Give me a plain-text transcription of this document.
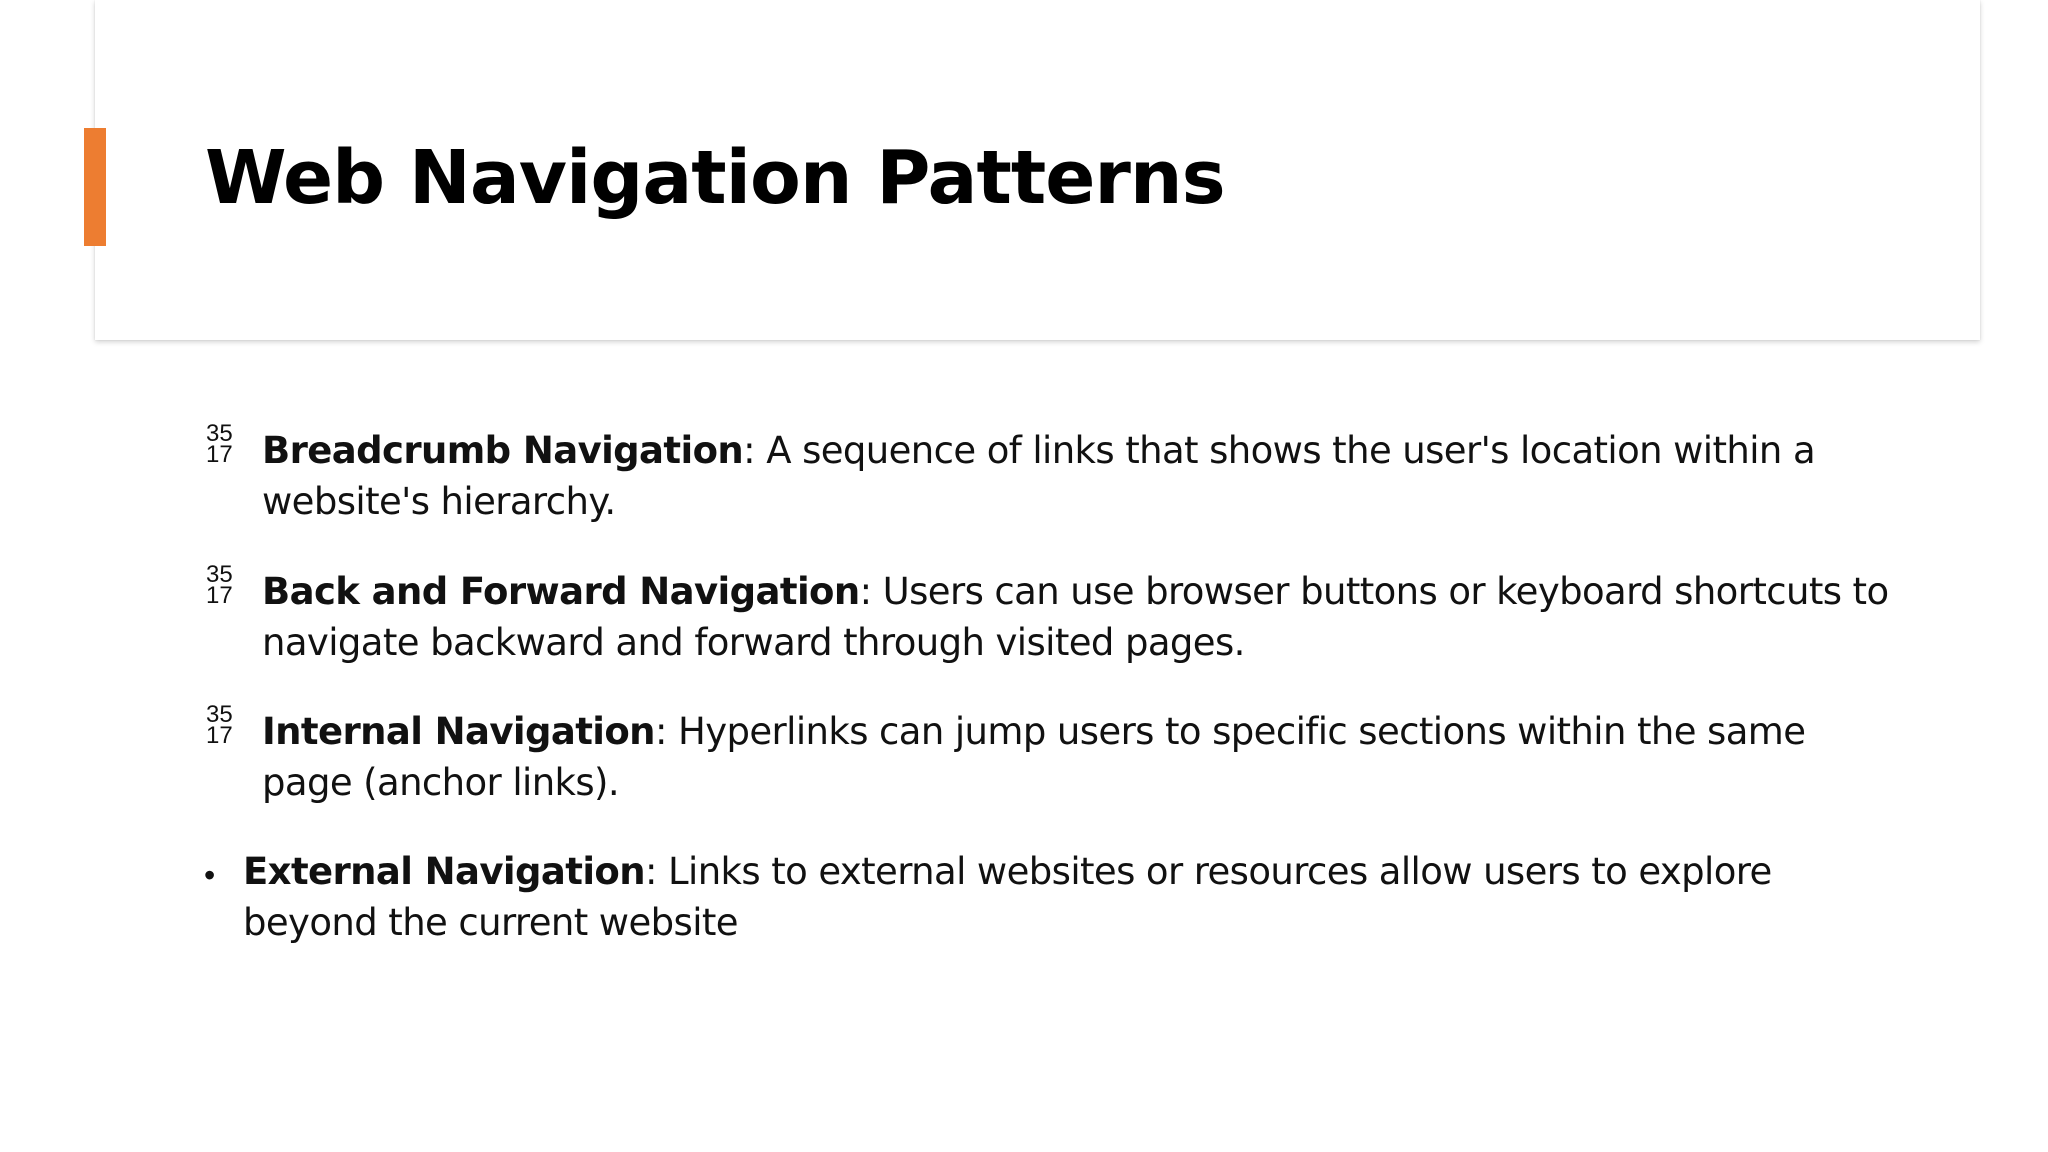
Web Navigation Patterns
35
17 Breadcrumb Navigation: A sequence of links that shows the user's location within a website's hierarchy.

35
17 Back and Forward Navigation: Users can use browser buttons or keyboard shortcuts to navigate backward and forward through visited pages.

35
17 Internal Navigation: Hyperlinks can jump users to specific sections within the same page (anchor links).

• External Navigation: Links to external websites or resources allow users to explore beyond the current website
